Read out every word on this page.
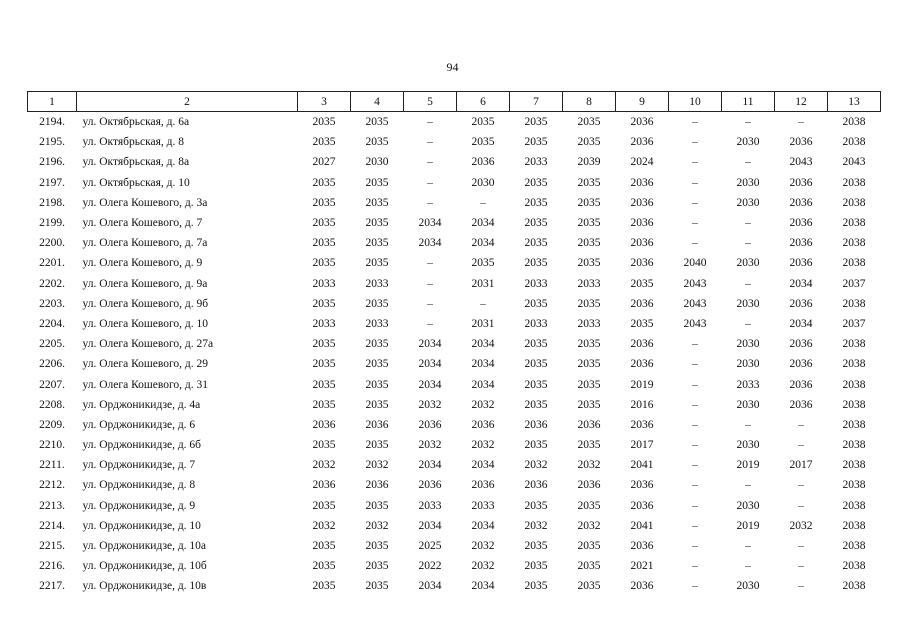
94
1	2	3	4	5	6	7	8	9	10	11	12	13
2194.	ул. Октябрьская, д. 6а	2035	2035	–	2035	2035	2035	2036	–	–	–	2038
2195.	ул. Октябрьская, д. 8	2035	2035	–	2035	2035	2035	2036	–	2030	2036	2038
2196.	ул. Октябрьская, д. 8а	2027	2030	–	2036	2033	2039	2024	–	–	2043	2043
2197.	ул. Октябрьская, д. 10	2035	2035	–	2030	2035	2035	2036	–	2030	2036	2038
2198.	ул. Олега Кошевого, д. 3а	2035	2035	–	–	2035	2035	2036	–	2030	2036	2038
2199.	ул. Олега Кошевого, д. 7	2035	2035	2034	2034	2035	2035	2036	–	–	2036	2038
2200.	ул. Олега Кошевого, д. 7а	2035	2035	2034	2034	2035	2035	2036	–	–	2036	2038
2201.	ул. Олега Кошевого, д. 9	2035	2035	–	2035	2035	2035	2036	2040	2030	2036	2038
2202.	ул. Олега Кошевого, д. 9а	2033	2033	–	2031	2033	2033	2035	2043	–	2034	2037
2203.	ул. Олега Кошевого, д. 9б	2035	2035	–	–	2035	2035	2036	2043	2030	2036	2038
2204.	ул. Олега Кошевого, д. 10	2033	2033	–	2031	2033	2033	2035	2043	–	2034	2037
2205.	ул. Олега Кошевого, д. 27а	2035	2035	2034	2034	2035	2035	2036	–	2030	2036	2038
2206.	ул. Олега Кошевого, д. 29	2035	2035	2034	2034	2035	2035	2036	–	2030	2036	2038
2207.	ул. Олега Кошевого, д. 31	2035	2035	2034	2034	2035	2035	2019	–	2033	2036	2038
2208.	ул. Орджоникидзе, д. 4а	2035	2035	2032	2032	2035	2035	2016	–	2030	2036	2038
2209.	ул. Орджоникидзе, д. 6	2036	2036	2036	2036	2036	2036	2036	–	–	–	2038
2210.	ул. Орджоникидзе, д. 6б	2035	2035	2032	2032	2035	2035	2017	–	2030	–	2038
2211.	ул. Орджоникидзе, д. 7	2032	2032	2034	2034	2032	2032	2041	–	2019	2017	2038
2212.	ул. Орджоникидзе, д. 8	2036	2036	2036	2036	2036	2036	2036	–	–	–	2038
2213.	ул. Орджоникидзе, д. 9	2035	2035	2033	2033	2035	2035	2036	–	2030	–	2038
2214.	ул. Орджоникидзе, д. 10	2032	2032	2034	2034	2032	2032	2041	–	2019	2032	2038
2215.	ул. Орджоникидзе, д. 10а	2035	2035	2025	2032	2035	2035	2036	–	–	–	2038
2216.	ул. Орджоникидзе, д. 10б	2035	2035	2022	2032	2035	2035	2021	–	–	–	2038
2217.	ул. Орджоникидзе, д. 10в	2035	2035	2034	2034	2035	2035	2036	–	2030	–	2038
